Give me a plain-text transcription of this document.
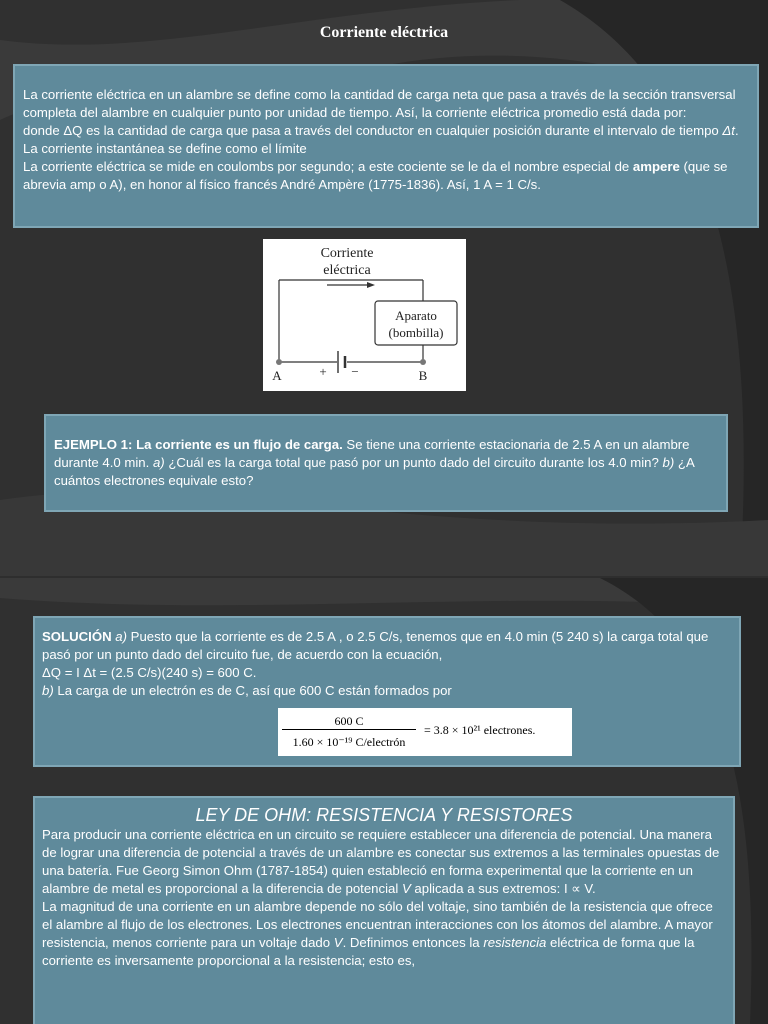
Corriente eléctrica

La corriente eléctrica en un alambre se define como la cantidad de carga neta que pasa a través de la sección transversal completa del alambre en cualquier punto por unidad de tiempo. Así, la corriente eléctrica promedio está dada por:

donde ΔQ es la cantidad de carga que pasa a través del conductor en cualquier posición durante el intervalo de tiempo Δt. La corriente instantánea se define como el límite

La corriente eléctrica se mide en coulombs por segundo; a este cociente se le da el nombre especial de ampere (que se abrevia amp o A), en honor al físico francés André Ampère (1775-1836). Así, 1 A = 1 C/s.

Corriente
eléctrica
Aparato
(bombilla)
A	B
+ −

EJEMPLO 1: La corriente es un flujo de carga. Se tiene una corriente estacionaria de 2.5 A en un alambre durante 4.0 min. a) ¿Cuál es la carga total que pasó por un punto dado del circuito durante los 4.0 min? b) ¿A cuántos electrones equivale esto?

SOLUCIÓN a) Puesto que la corriente es de 2.5 A , o 2.5 C/s, tenemos que en 4.0 min (5 240 s) la carga total que pasó por un punto dado del circuito fue, de acuerdo con la ecuación,

ΔQ = I Δt = (2.5 C/s)(240 s) = 600 C.

b) La carga de un electrón es de C, así que 600 C están formados por

600 C
1.60 × 10⁻¹⁹ C/electrón
= 3.8 × 10²¹ electrones.

LEY DE OHM: RESISTENCIA Y RESISTORES

Para producir una corriente eléctrica en un circuito se requiere establecer una diferencia de potencial. Una manera de lograr una diferencia de potencial a través de un alambre es conectar sus extremos a las terminales opuestas de una batería. Fue Georg Simon Ohm (1787-1854) quien estableció en forma experimental que la corriente en un alambre de metal es proporcional a la diferencia de potencial V aplicada a sus extremos: I ∝ V.

La magnitud de una corriente en un alambre depende no sólo del voltaje, sino también de la resistencia que ofrece el alambre al flujo de los electrones. Los electrones encuentran interacciones con los átomos del alambre. A mayor resistencia, menos corriente para un voltaje dado V. Definimos entonces la resistencia eléctrica de forma que la corriente es inversamente proporcional a la resistencia; esto es,
